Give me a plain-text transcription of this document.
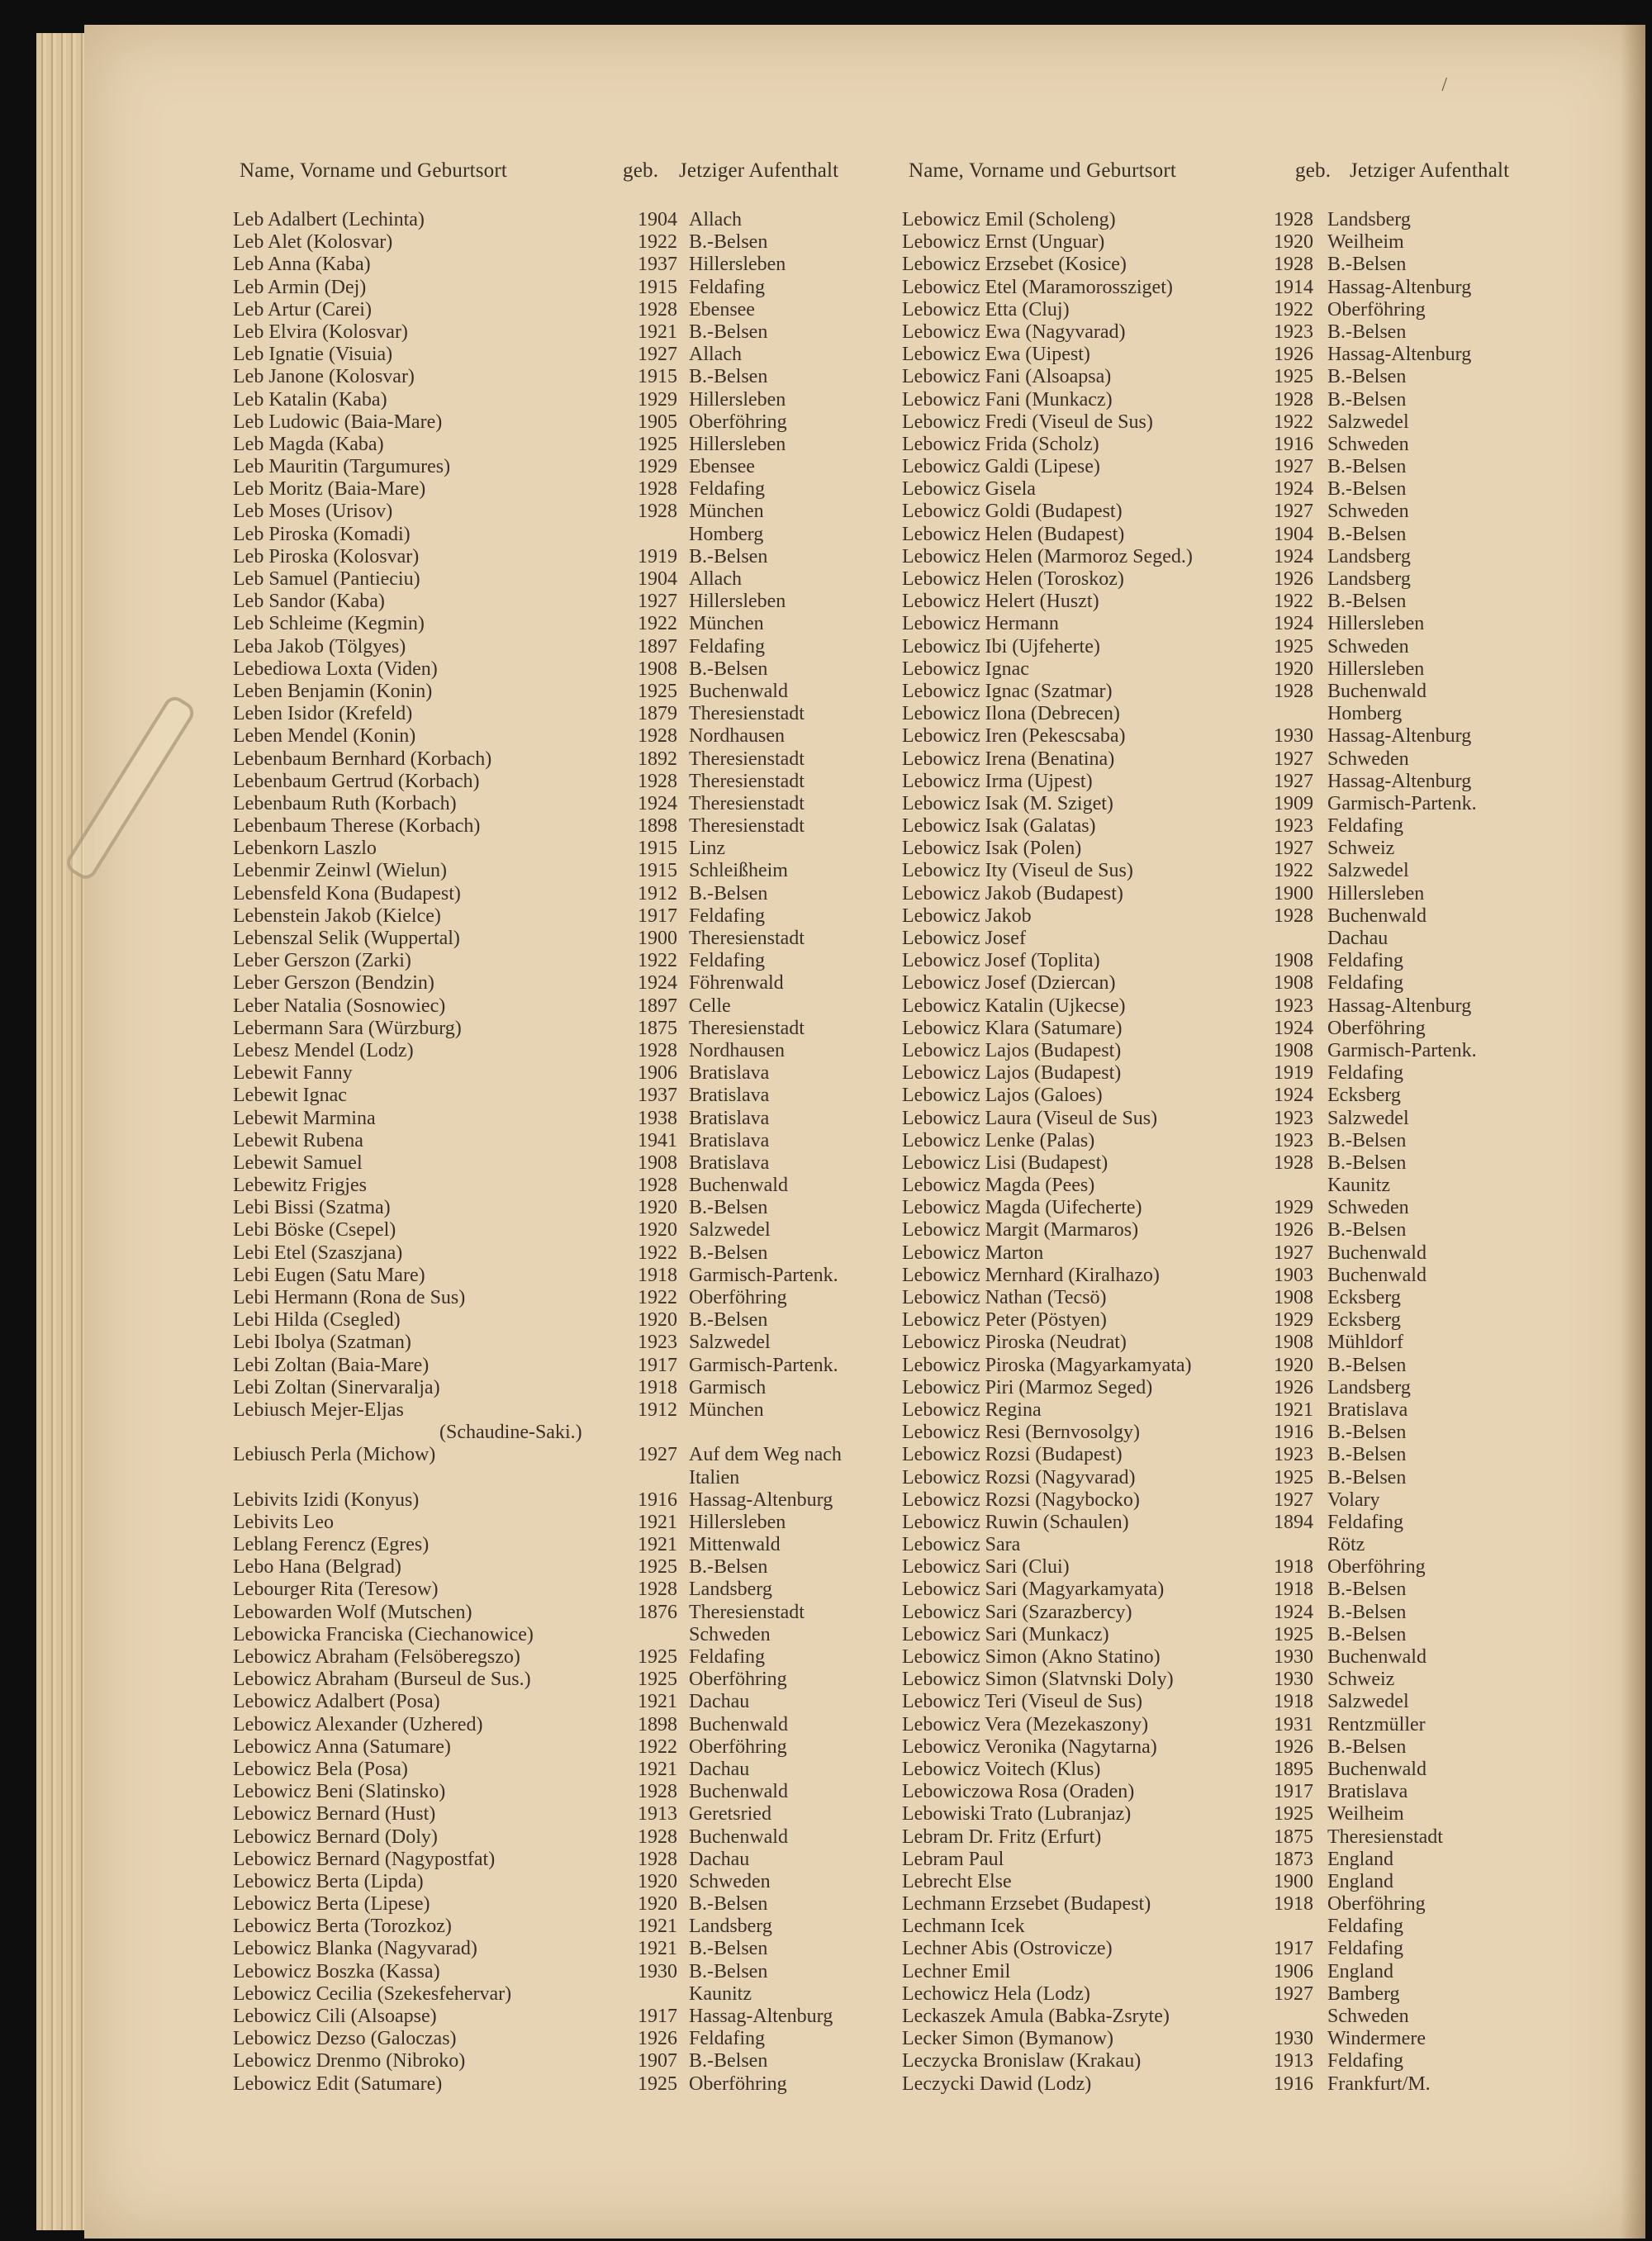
/
Name, Vorname und Geburtsort	geb. Jetziger Aufenthalt	Name, Vorname und Geburtsort	geb. Jetziger Aufenthalt
Leb Adalbert (Lechinta)	1904 Allach
Leb Alet (Kolosvar)	1922 B.-Belsen
Leb Anna (Kaba)	1937 Hillersleben
Leb Armin (Dej)	1915 Feldafing
Leb Artur (Carei)	1928 Ebensee
Leb Elvira (Kolosvar)	1921 B.-Belsen
Leb Ignatie (Visuia)	1927 Allach
Leb Janone (Kolosvar)	1915 B.-Belsen
Leb Katalin (Kaba)	1929 Hillersleben
Leb Ludowic (Baia-Mare)	1905 Oberföhring
Leb Magda (Kaba)	1925 Hillersleben
Leb Mauritin (Targumures)	1929 Ebensee
Leb Moritz (Baia-Mare)	1928 Feldafing
Leb Moses (Urisov)	1928 München
Leb Piroska (Komadi)	Homberg
Leb Piroska (Kolosvar)	1919 B.-Belsen
Leb Samuel (Pantieciu)	1904 Allach
Leb Sandor (Kaba)	1927 Hillersleben
Leb Schleime (Kegmin)	1922 München
Leba Jakob (Tölgyes)	1897 Feldafing
Lebediowa Loxta (Viden)	1908 B.-Belsen
Leben Benjamin (Konin)	1925 Buchenwald
Leben Isidor (Krefeld)	1879 Theresienstadt
Leben Mendel (Konin)	1928 Nordhausen
Lebenbaum Bernhard (Korbach)	1892 Theresienstadt
Lebenbaum Gertrud (Korbach)	1928 Theresienstadt
Lebenbaum Ruth (Korbach)	1924 Theresienstadt
Lebenbaum Therese (Korbach)	1898 Theresienstadt
Lebenkorn Laszlo	1915 Linz
Lebenmir Zeinwl (Wielun)	1915 Schleißheim
Lebensfeld Kona (Budapest)	1912 B.-Belsen
Lebenstein Jakob (Kielce)	1917 Feldafing
Lebenszal Selik (Wuppertal)	1900 Theresienstadt
Leber Gerszon (Zarki)	1922 Feldafing
Leber Gerszon (Bendzin)	1924 Föhrenwald
Leber Natalia (Sosnowiec)	1897 Celle
Lebermann Sara (Würzburg)	1875 Theresienstadt
Lebesz Mendel (Lodz)	1928 Nordhausen
Lebewit Fanny	1906 Bratislava
Lebewit Ignac	1937 Bratislava
Lebewit Marmina	1938 Bratislava
Lebewit Rubena	1941 Bratislava
Lebewit Samuel	1908 Bratislava
Lebewitz Frigjes	1928 Buchenwald
Lebi Bissi (Szatma)	1920 B.-Belsen
Lebi Böske (Csepel)	1920 Salzwedel
Lebi Etel (Szaszjana)	1922 B.-Belsen
Lebi Eugen (Satu Mare)	1918 Garmisch-Partenk.
Lebi Hermann (Rona de Sus)	1922 Oberföhring
Lebi Hilda (Csegled)	1920 B.-Belsen
Lebi Ibolya (Szatman)	1923 Salzwedel
Lebi Zoltan (Baia-Mare)	1917 Garmisch-Partenk.
Lebi Zoltan (Sinervaralja)	1918 Garmisch
Lebiusch Mejer-Eljas	1912 München
(Schaudine-Saki.)
Lebiusch Perla (Michow)	1927 Auf dem Weg nach
Italien
Lebivits Izidi (Konyus)	1916 Hassag-Altenburg
Lebivits Leo	1921 Hillersleben
Leblang Ferencz (Egres)	1921 Mittenwald
Lebo Hana (Belgrad)	1925 B.-Belsen
Lebourger Rita (Teresow)	1928 Landsberg
Lebowarden Wolf (Mutschen)	1876 Theresienstadt
Lebowicka Franciska (Ciechanowice)	Schweden
Lebowicz Abraham (Felsöberegszo)	1925 Feldafing
Lebowicz Abraham (Burseul de Sus.)	1925 Oberföhring
Lebowicz Adalbert (Posa)	1921 Dachau
Lebowicz Alexander (Uzhered)	1898 Buchenwald
Lebowicz Anna (Satumare)	1922 Oberföhring
Lebowicz Bela (Posa)	1921 Dachau
Lebowicz Beni (Slatinsko)	1928 Buchenwald
Lebowicz Bernard (Hust)	1913 Geretsried
Lebowicz Bernard (Doly)	1928 Buchenwald
Lebowicz Bernard (Nagypostfat)	1928 Dachau
Lebowicz Berta (Lipda)	1920 Schweden
Lebowicz Berta (Lipese)	1920 B.-Belsen
Lebowicz Berta (Torozkoz)	1921 Landsberg
Lebowicz Blanka (Nagyvarad)	1921 B.-Belsen
Lebowicz Boszka (Kassa)	1930 B.-Belsen
Lebowicz Cecilia (Szekesfehervar)	Kaunitz
Lebowicz Cili (Alsoapse)	1917 Hassag-Altenburg
Lebowicz Dezso (Galoczas)	1926 Feldafing
Lebowicz Drenmo (Nibroko)	1907 B.-Belsen
Lebowicz Edit (Satumare)	1925 Oberföhring
Lebowicz Emil (Scholeng)	1928 Landsberg
Lebowicz Ernst (Unguar)	1920 Weilheim
Lebowicz Erzsebet (Kosice)	1928 B.-Belsen
Lebowicz Etel (Maramorossziget)	1914 Hassag-Altenburg
Lebowicz Etta (Cluj)	1922 Oberföhring
Lebowicz Ewa (Nagyvarad)	1923 B.-Belsen
Lebowicz Ewa (Uipest)	1926 Hassag-Altenburg
Lebowicz Fani (Alsoapsa)	1925 B.-Belsen
Lebowicz Fani (Munkacz)	1928 B.-Belsen
Lebowicz Fredi (Viseul de Sus)	1922 Salzwedel
Lebowicz Frida (Scholz)	1916 Schweden
Lebowicz Galdi (Lipese)	1927 B.-Belsen
Lebowicz Gisela	1924 B.-Belsen
Lebowicz Goldi (Budapest)	1927 Schweden
Lebowicz Helen (Budapest)	1904 B.-Belsen
Lebowicz Helen (Marmoroz Seged.)	1924 Landsberg
Lebowicz Helen (Toroskoz)	1926 Landsberg
Lebowicz Helert (Huszt)	1922 B.-Belsen
Lebowicz Hermann	1924 Hillersleben
Lebowicz Ibi (Ujfeherte)	1925 Schweden
Lebowicz Ignac	1920 Hillersleben
Lebowicz Ignac (Szatmar)	1928 Buchenwald
Lebowicz Ilona (Debrecen)	Homberg
Lebowicz Iren (Pekescsaba)	1930 Hassag-Altenburg
Lebowicz Irena (Benatina)	1927 Schweden
Lebowicz Irma (Ujpest)	1927 Hassag-Altenburg
Lebowicz Isak (M. Sziget)	1909 Garmisch-Partenk.
Lebowicz Isak (Galatas)	1923 Feldafing
Lebowicz Isak (Polen)	1927 Schweiz
Lebowicz Ity (Viseul de Sus)	1922 Salzwedel
Lebowicz Jakob (Budapest)	1900 Hillersleben
Lebowicz Jakob	1928 Buchenwald
Lebowicz Josef	Dachau
Lebowicz Josef (Toplita)	1908 Feldafing
Lebowicz Josef (Dziercan)	1908 Feldafing
Lebowicz Katalin (Ujkecse)	1923 Hassag-Altenburg
Lebowicz Klara (Satumare)	1924 Oberföhring
Lebowicz Lajos (Budapest)	1908 Garmisch-Partenk.
Lebowicz Lajos (Budapest)	1919 Feldafing
Lebowicz Lajos (Galoes)	1924 Ecksberg
Lebowicz Laura (Viseul de Sus)	1923 Salzwedel
Lebowicz Lenke (Palas)	1923 B.-Belsen
Lebowicz Lisi (Budapest)	1928 B.-Belsen
Lebowicz Magda (Pees)	Kaunitz
Lebowicz Magda (Uifecherte)	1929 Schweden
Lebowicz Margit (Marmaros)	1926 B.-Belsen
Lebowicz Marton	1927 Buchenwald
Lebowicz Mernhard (Kiralhazo)	1903 Buchenwald
Lebowicz Nathan (Tecsö)	1908 Ecksberg
Lebowicz Peter (Pöstyen)	1929 Ecksberg
Lebowicz Piroska (Neudrat)	1908 Mühldorf
Lebowicz Piroska (Magyarkamyata)	1920 B.-Belsen
Lebowicz Piri (Marmoz Seged)	1926 Landsberg
Lebowicz Regina	1921 Bratislava
Lebowicz Resi (Bernvosolgy)	1916 B.-Belsen
Lebowicz Rozsi (Budapest)	1923 B.-Belsen
Lebowicz Rozsi (Nagyvarad)	1925 B.-Belsen
Lebowicz Rozsi (Nagybocko)	1927 Volary
Lebowicz Ruwin (Schaulen)	1894 Feldafing
Lebowicz Sara	Rötz
Lebowicz Sari (Clui)	1918 Oberföhring
Lebowicz Sari (Magyarkamyata)	1918 B.-Belsen
Lebowicz Sari (Szarazbercy)	1924 B.-Belsen
Lebowicz Sari (Munkacz)	1925 B.-Belsen
Lebowicz Simon (Akno Statino)	1930 Buchenwald
Lebowicz Simon (Slatvnski Doly)	1930 Schweiz
Lebowicz Teri (Viseul de Sus)	1918 Salzwedel
Lebowicz Vera (Mezekaszony)	1931 Rentzmüller
Lebowicz Veronika (Nagytarna)	1926 B.-Belsen
Lebowicz Voitech (Klus)	1895 Buchenwald
Lebowiczowa Rosa (Oraden)	1917 Bratislava
Lebowiski Trato (Lubranjaz)	1925 Weilheim
Lebram Dr. Fritz (Erfurt)	1875 Theresienstadt
Lebram Paul	1873 England
Lebrecht Else	1900 England
Lechmann Erzsebet (Budapest)	1918 Oberföhring
Lechmann Icek	Feldafing
Lechner Abis (Ostrovicze)	1917 Feldafing
Lechner Emil	1906 England
Lechowicz Hela (Lodz)	1927 Bamberg
Leckaszek Amula (Babka-Zsryte)	Schweden
Lecker Simon (Bymanow)	1930 Windermere
Leczycka Bronislaw (Krakau)	1913 Feldafing
Leczycki Dawid (Lodz)	1916 Frankfurt/M.
